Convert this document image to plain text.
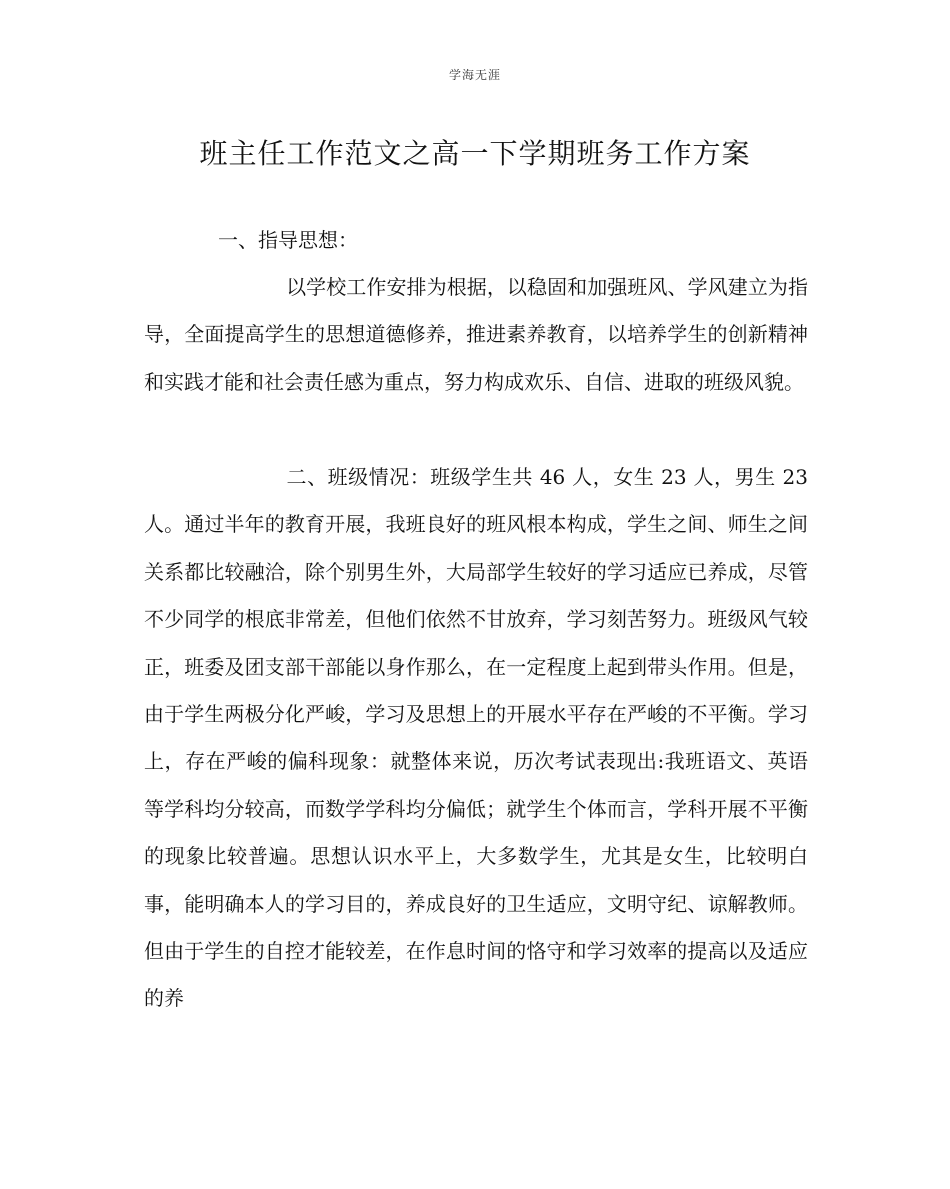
学海无涯
班主任工作范文之高一下学期班务工作方案
一、指导思想：
以学校工作安排为根据，以稳固和加强班风、学风建立为指导，全面提高学生的思想道德修养，推进素养教育，以培养学生的创新精神和实践才能和社会责任感为重点，努力构成欢乐、自信、进取的班级风貌。
二、班级情况：班级学生共 46 人，女生 23 人，男生 23 人。通过半年的教育开展，我班良好的班风根本构成，学生之间、师生之间关系都比较融洽，除个别男生外，大局部学生较好的学习适应已养成，尽管不少同学的根底非常差，但他们依然不甘放弃，学习刻苦努力。班级风气较正，班委及团支部干部能以身作那么，在一定程度上起到带头作用。但是，由于学生两极分化严峻，学习及思想上的开展水平存在严峻的不平衡。学习上，存在严峻的偏科现象：就整体来说，历次考试表现出:我班语文、英语等学科均分较高，而数学学科均分偏低；就学生个体而言，学科开展不平衡的现象比较普遍。思想认识水平上，大多数学生，尤其是女生，比较明白事，能明确本人的学习目的，养成良好的卫生适应，文明守纪、谅解教师。但由于学生的自控才能较差，在作息时间的恪守和学习效率的提高以及适应的养
